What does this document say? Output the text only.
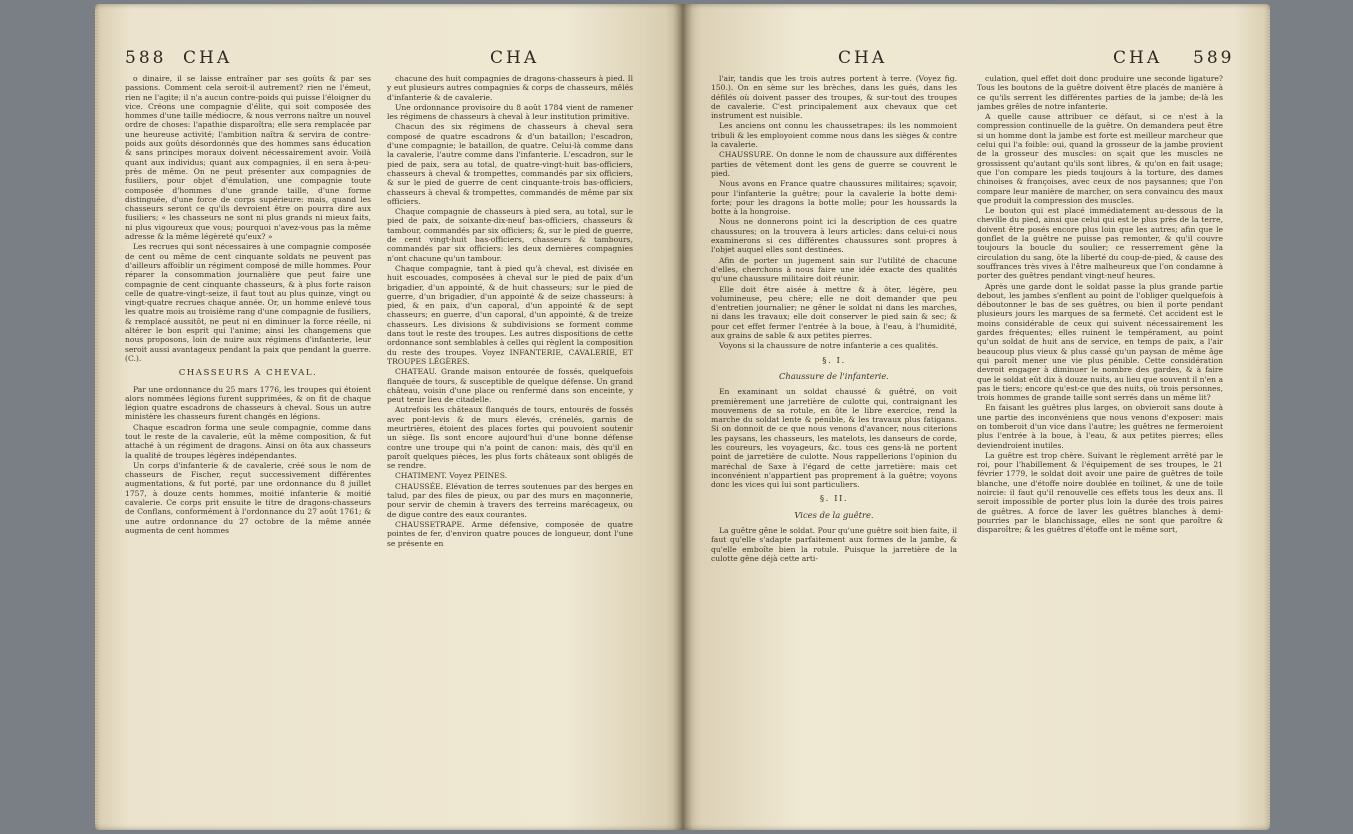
588 CHA	CHA

o dinaire, il se laisse entraîner par ses goûts & par ses passions. Comment cela seroit-il autrement? rien ne l'émeut, rien ne l'agite; il n'a aucun contre-poids qui puisse l'éloigner du vice. Créons une compagnie d'élite, qui soit composée des hommes d'une taille médiocre, & nous verrons naître un nouvel ordre de choses: l'apathie disparoîtra; elle sera remplacée par une heureuse activité; l'ambition naîtra & servira de contre-poids aux goûts désordonnés que des hommes sans éducation & sans principes moraux doivent nécessairement avoir. Voilà quant aux individus; quant aux compagnies, il en sera à-peu-près de même. On ne peut présenter aux compagnies de fusiliers, pour objet d'émulation, une compagnie toute composée d'hommes d'une grande taille, d'une forme distinguée, d'une force de corps supérieure: mais, quand les chasseurs seront ce qu'ils devroient être on pourra dire aux fusiliers; « les chasseurs ne sont ni plus grands ni mieux faits, ni plus vigoureux que vous; pourquoi n'avez-vous pas la même adresse & la même légèreté qu'eux? »

Les recrues qui sont nécessaires à une compagnie composée de cent ou même de cent cinquante soldats ne peuvent pas d'ailleurs affoiblir un régiment composé de mille hommes. Pour réparer la consommation journalière que peut faire une compagnie de cent cinquante chasseurs, & à plus forte raison celle de quatre-vingt-seize, il faut tout au plus quinze, vingt ou vingt-quatre recrues chaque année. Or, un homme enlevé tous les quatre mois au troisième rang d'une compagnie de fusiliers, & remplacé aussitôt, ne peut ni en diminuer la force réelle, ni altérer le bon esprit qui l'anime; ainsi les changemens que nous proposons, loin de nuire aux régimens d'infanterie, leur seroit aussi avantageux pendant la paix que pendant la guerre. (C.).

CHASSEURS A CHEVAL.

Par une ordonnance du 25 mars 1776, les troupes qui étoient alors nommées légions furent supprimées, & on fit de chaque légion quatre escadrons de chasseurs à cheval. Sous un autre ministère les chasseurs furent changés en légions.

Chaque escadron forma une seule compagnie, comme dans tout le reste de la cavalerie, eût la même composition, & fut attaché à un régiment de dragons. Ainsi on ôta aux chasseurs la qualité de troupes légères indépendantes.

Un corps d'infanterie & de cavalerie, créé sous le nom de chasseurs de Fischer, reçut successivement différentes augmentations, & fut porté, par une ordonnance du 8 juillet 1757, à douze cents hommes, moitié infanterie & moitié cavalerie. Ce corps prit ensuite le titre de dragons-chasseurs de Conflans, conformément à l'ordonnance du 27 août 1761; & une autre ordonnance du 27 octobre de la même année augmenta de cent hommes

chacune des huit compagnies de dragons-chasseurs à pied. Il y eut plusieurs autres compagnies & corps de chasseurs, mêlés d'infanterie & de cavalerie.

Une ordonnance provisoire du 8 août 1784 vient de ramener les régimens de chasseurs à cheval à leur institution primitive.

Chacun des six régimens de chasseurs à cheval sera composé de quatre escadrons & d'un bataillon; l'escadron, d'une compagnie; le bataillon, de quatre. Celui-là comme dans la cavalerie, l'autre comme dans l'infanterie. L'escadron, sur le pied de paix, sera au total, de quatre-vingt-huit bas-officiers, chasseurs à cheval & trompettes, commandés par six officiers, & sur le pied de guerre de cent cinquante-trois bas-officiers, chasseurs à cheval & trompettes, commandés de même par six officiers.

Chaque compagnie de chasseurs à pied sera, au total, sur le pied de paix, de soixante-dix-neuf bas-officiers, chasseurs & tambour, commandés par six officiers; &, sur le pied de guerre, de cent vingt-huit bas-officiers, chasseurs & tambours, commandés par six officiers: les deux dernières compagnies n'ont chacune qu'un tambour.

Chaque compagnie, tant à pied qu'à cheval, est divisée en huit escouades, composées à cheval sur le pied de paix d'un brigadier, d'un appointé, & de huit chasseurs; sur le pied de guerre, d'un brigadier, d'un appointé & de seize chasseurs: à pied, & en paix, d'un caporal, d'un appointé & de sept chasseurs; en guerre, d'un caporal, d'un appointé, & de treize chasseurs. Les divisions & subdivisions se forment comme dans tout le reste des troupes. Les autres dispositions de cette ordonnance sont semblables à celles qui règlent la composition du reste des troupes. Voyez INFANTERIE, CAVALERIE, ET TROUPES LÉGÈRES.

CHATEAU. Grande maison entourée de fossés, quelquefois flanquée de tours, & susceptible de quelque défense. Un grand château, voisin d'une place ou renfermé dans son enceinte, y peut tenir lieu de citadelle.

Autrefois les châteaux flanqués de tours, entourés de fossés avec pont-levis & de murs élevés, crénelés, garnis de meurtrières, étoient des places fortes qui pouvoient soutenir un siège. Ils sont encore aujourd'hui d'une bonne défense contre une troupe qui n'a point de canon: mais, dès qu'il en paroît quelques pièces, les plus forts châteaux sont obligés de se rendre.

CHATIMENT. Voyez PEINES.

CHAUSSÉE. Elévation de terres soutenues par des berges en talud, par des files de pieux, ou par des murs en maçonnerie, pour servir de chemin à travers des terreins marécageux, ou de digue contre des eaux courantes.

CHAUSSETRAPE. Arme défensive, composée de quatre pointes de fer, d'environ quatre pouces de longueur, dont l'une se présente en

CHA	CHA 589

l'air, tandis que les trois autres portent à terre. (Voyez fig. 150.). On en sème sur les brèches, dans les gués, dans les défilés où doivent passer des troupes, & sur-tout des troupes de cavalerie. C'est principalement aux chevaux que cet instrument est nuisible.

Les anciens ont connu les chaussetrapes: ils les nommoient tribuli & les employoient comme nous dans les sièges & contre la cavalerie.

CHAUSSURE. On donne le nom de chaussure aux différentes parties de vêtement dont les gens de guerre se couvrent le pied.

Nous avons en France quatre chaussures militaires; sçavoir, pour l'infanterie la guêtre; pour la cavalerie la botte demi-forte; pour les dragons la botte molle; pour les houssards la botte à la hongroise.

Nous ne donnerons point ici la description de ces quatre chaussures; on la trouvera à leurs articles: dans celui-ci nous examinerons si ces différentes chaussures sont propres à l'objet auquel elles sont destinées.

Afin de porter un jugement sain sur l'utilité de chacune d'elles, cherchons à nous faire une idée exacte des qualités qu'une chaussure militaire doit réunir.

Elle doit être aisée à mettre & à ôter, légère, peu volumineuse, peu chère; elle ne doit demander que peu d'entretien journalier; ne gêner le soldat ni dans les marches, ni dans les travaux; elle doit conserver le pied sain & sec; & pour cet effet fermer l'entrée à la boue, à l'eau, à l'humidité, aux grains de sable & aux petites pierres.

Voyons si la chaussure de notre infanterie a ces qualités.

§. I.
Chaussure de l'infanterie.

En examinant un soldat chaussé & guêtré, on voit premièrement une jarretière de culotte qui, contraignant les mouvemens de sa rotule, en ôte le libre exercice, rend la marche du soldat lente & pénible, & les travaux plus fatigans. Si on donnoit de ce que nous venons d'avancer, nous citerions les paysans, les chasseurs, les matelots, les danseurs de corde, les coureurs, les voyageurs, &c. tous ces gens-là ne portent point de jarretière de culotte. Nous rappellerions l'opinion du maréchal de Saxe à l'égard de cette jarretière: mais cet inconvénient n'appartient pas proprement à la guêtre; voyons donc les vices qui lui sont particuliers.

§. II.
Vices de la guêtre.

La guêtre gêne le soldat. Pour qu'une guêtre soit bien faite, il faut qu'elle s'adapte parfaitement aux formes de la jambe, & qu'elle emboîte bien la rotule. Puisque la jarretière de la culotte gêne déjà cette arti-

culation, quel effet doit donc produire une seconde ligature? Tous les boutons de la guêtre doivent être placés de manière à ce qu'ils serrent les différentes parties de la jambe; de-là les jambes grêles de notre infanterie.

A quelle cause attribuer ce défaut, si ce n'est à la compression continuelle de la guêtre. On demandera peut être si un homme dont la jambe est forte est meilleur marcheur que celui qui l'a foible: oui, quand la grosseur de la jambe provient de la grosseur des muscles: on sçait que les muscles ne grossissent qu'autant qu'ils sont libres, & qu'on en fait usage; que l'on compare les pieds toujours à la torture, des dames chinoises & françoises, avec ceux de nos paysannes; que l'on compare leur manière de marcher, on sera convaincu des maux que produit la compression des muscles.

Le bouton qui est placé immédiatement au-dessous de la cheville du pied, ainsi que celui qui est le plus près de la terre, doivent être posés encore plus loin que les autres; afin que le gonflet de la guêtre ne puisse pas remonter, & qu'il couvre toujours la boucle du soulier; ce resserrement gêne la circulation du sang, ôte la liberté du coup-de-pied, & cause des souffrances très vives à l'être malheureux que l'on condamne à porter des guêtres pendant vingt-neuf heures.

Après une garde dont le soldat passe la plus grande partie debout, les jambes s'enflent au point de l'obliger quelquefois à déboutonner le bas de ses guêtres, ou bien il porte pendant plusieurs jours les marques de sa fermeté. Cet accident est le moins considérable de ceux qui suivent nécessairement les gardes fréquentes; elles ruinent le tempérament, au point qu'un soldat de huit ans de service, en temps de paix, a l'air beaucoup plus vieux & plus cassé qu'un paysan de même âge qui paroît mener une vie plus pénible. Cette considération devroit engager à diminuer le nombre des gardes, & à faire que le soldat eût dix à douze nuits, au lieu que souvent il n'en a pas le tiers; encore qu'est-ce que des nuits, où trois personnes, trois hommes de grande taille sont serrés dans un même lit?

En faisant les guêtres plus larges, on obvieroit sans doute à une partie des inconvéniens que nous venons d'exposer: mais on tomberoit d'un vice dans l'autre; les guêtres ne fermeroient plus l'entrée à la boue, à l'eau, & aux petites pierres; elles deviendroient inutiles.

La guêtre est trop chère. Suivant le règlement arrêté par le roi, pour l'habillement & l'équipement de ses troupes, le 21 février 1779, le soldat doit avoir une paire de guêtres de toile blanche, une d'étoffe noire doublée en toilinet, & une de toile noircie: il faut qu'il renouvelle ces effets tous les deux ans. Il seroit impossible de porter plus loin la durée des trois paires de guêtres. A force de laver les guêtres blanches à demi-pourries par le blanchissage, elles ne sont que paroître & disparoître; & les guêtres d'étoffe ont le même sort,
